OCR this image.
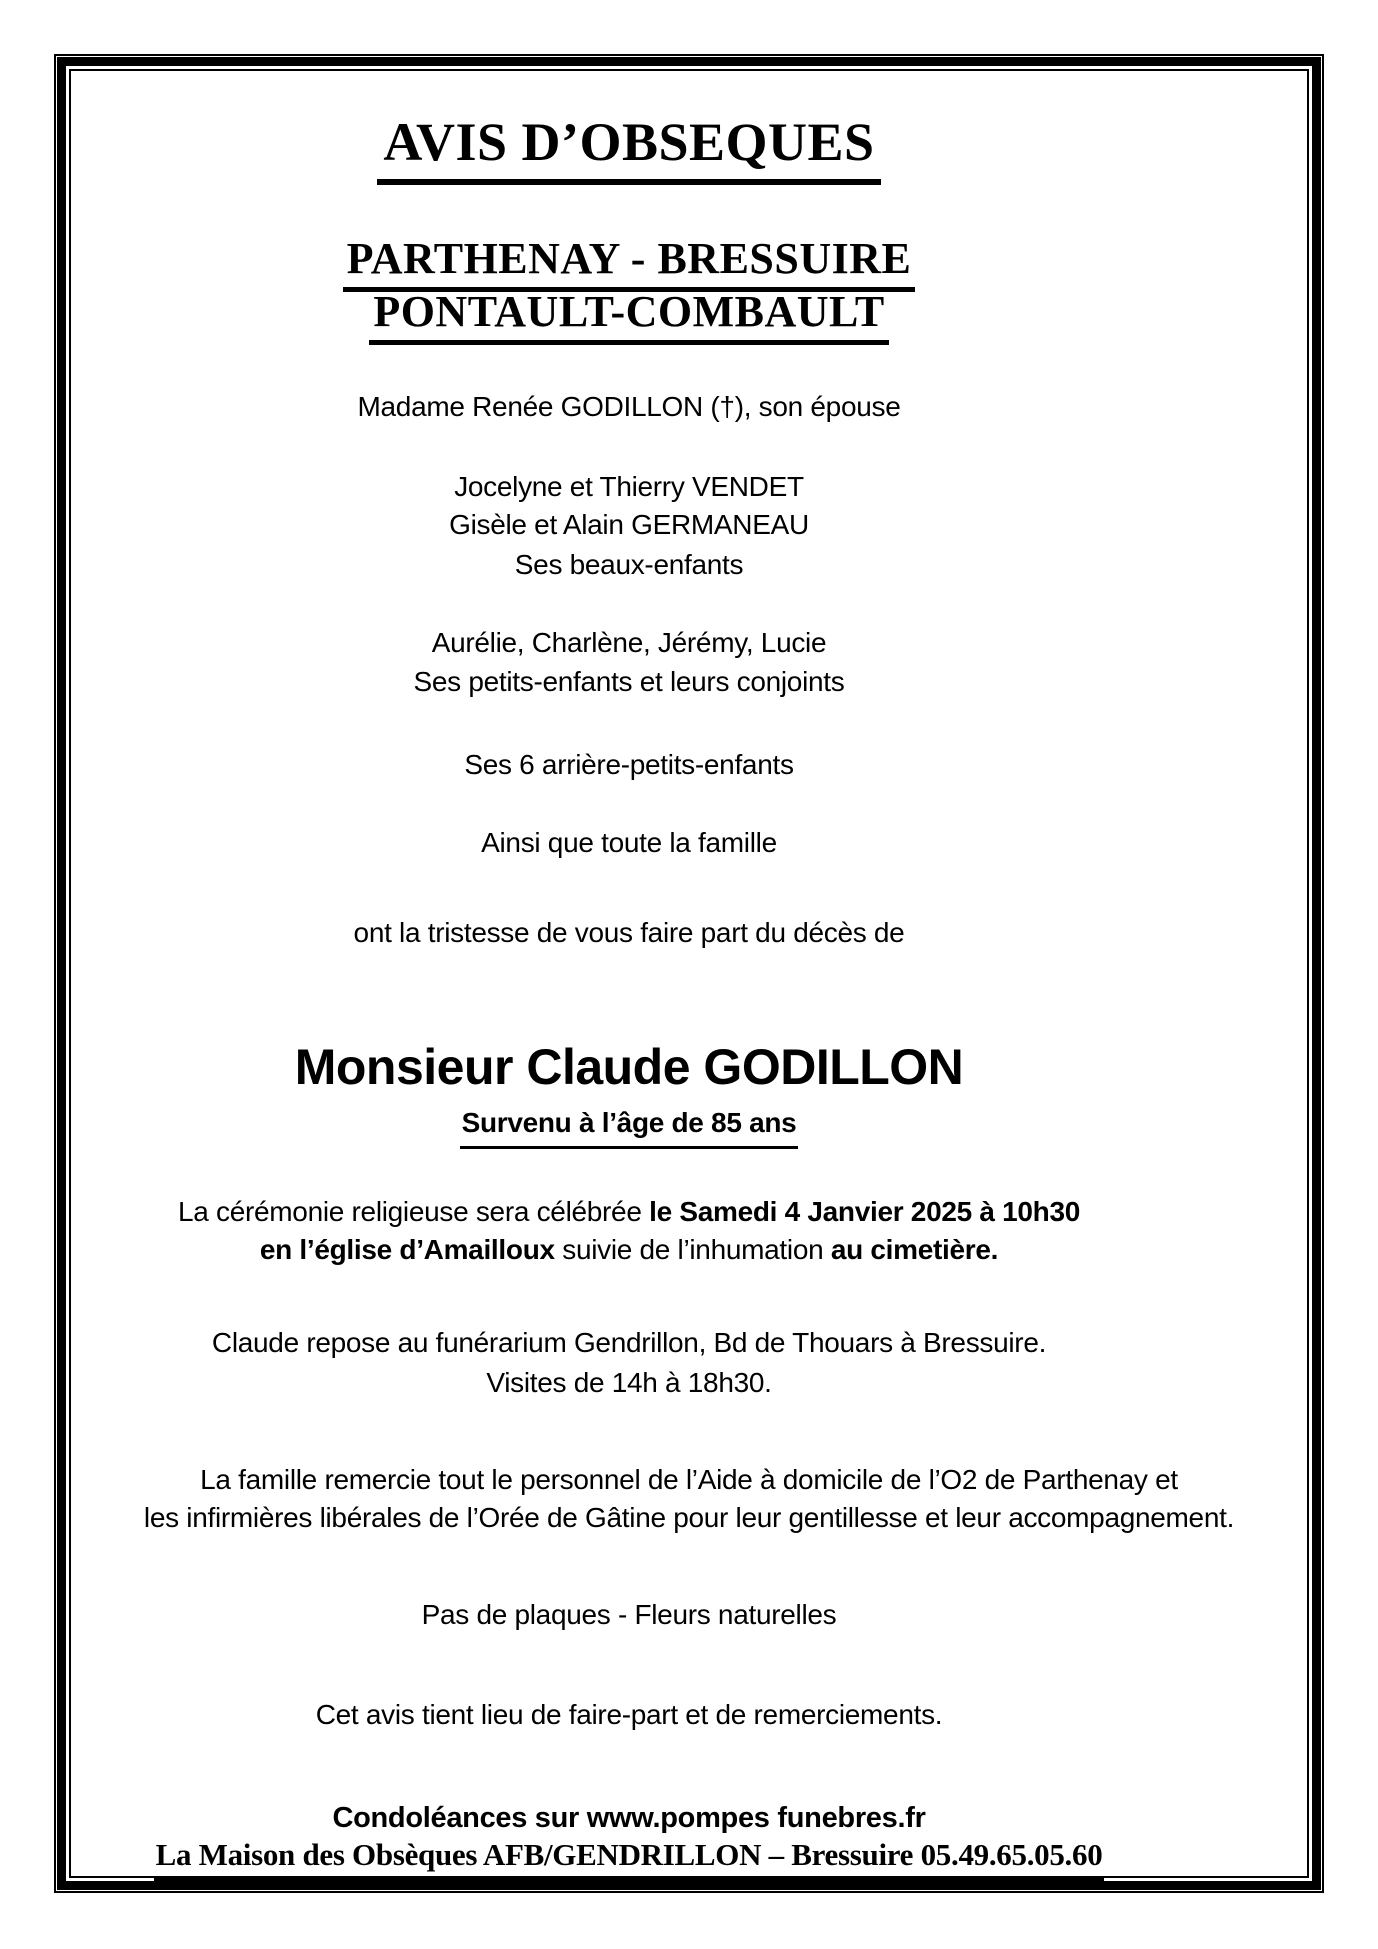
AVIS D’OBSEQUES
PARTHENAY - BRESSUIRE
PONTAULT-COMBAULT
Madame Renée GODILLON (†), son épouse
Jocelyne et Thierry VENDET
Gisèle et Alain GERMANEAU
Ses beaux-enfants
Aurélie, Charlène, Jérémy, Lucie
Ses petits-enfants et leurs conjoints
Ses 6 arrière-petits-enfants
Ainsi que toute la famille
ont la tristesse de vous faire part du décès de
Monsieur Claude GODILLON
Survenu à l’âge de 85 ans
La cérémonie religieuse sera célébrée le Samedi 4 Janvier 2025 à 10h30
en l’église d’Amailloux suivie de l’inhumation au cimetière.
Claude repose au funérarium Gendrillon, Bd de Thouars à Bressuire.
Visites de 14h à 18h30.
La famille remercie tout le personnel de l’Aide à domicile de l’O2 de Parthenay et
les infirmières libérales de l’Orée de Gâtine pour leur gentillesse et leur accompagnement.
Pas de plaques - Fleurs naturelles
Cet avis tient lieu de faire-part et de remerciements.
Condoléances sur www.pompes funebres.fr
La Maison des Obsèques AFB/GENDRILLON – Bressuire 05.49.65.05.60
